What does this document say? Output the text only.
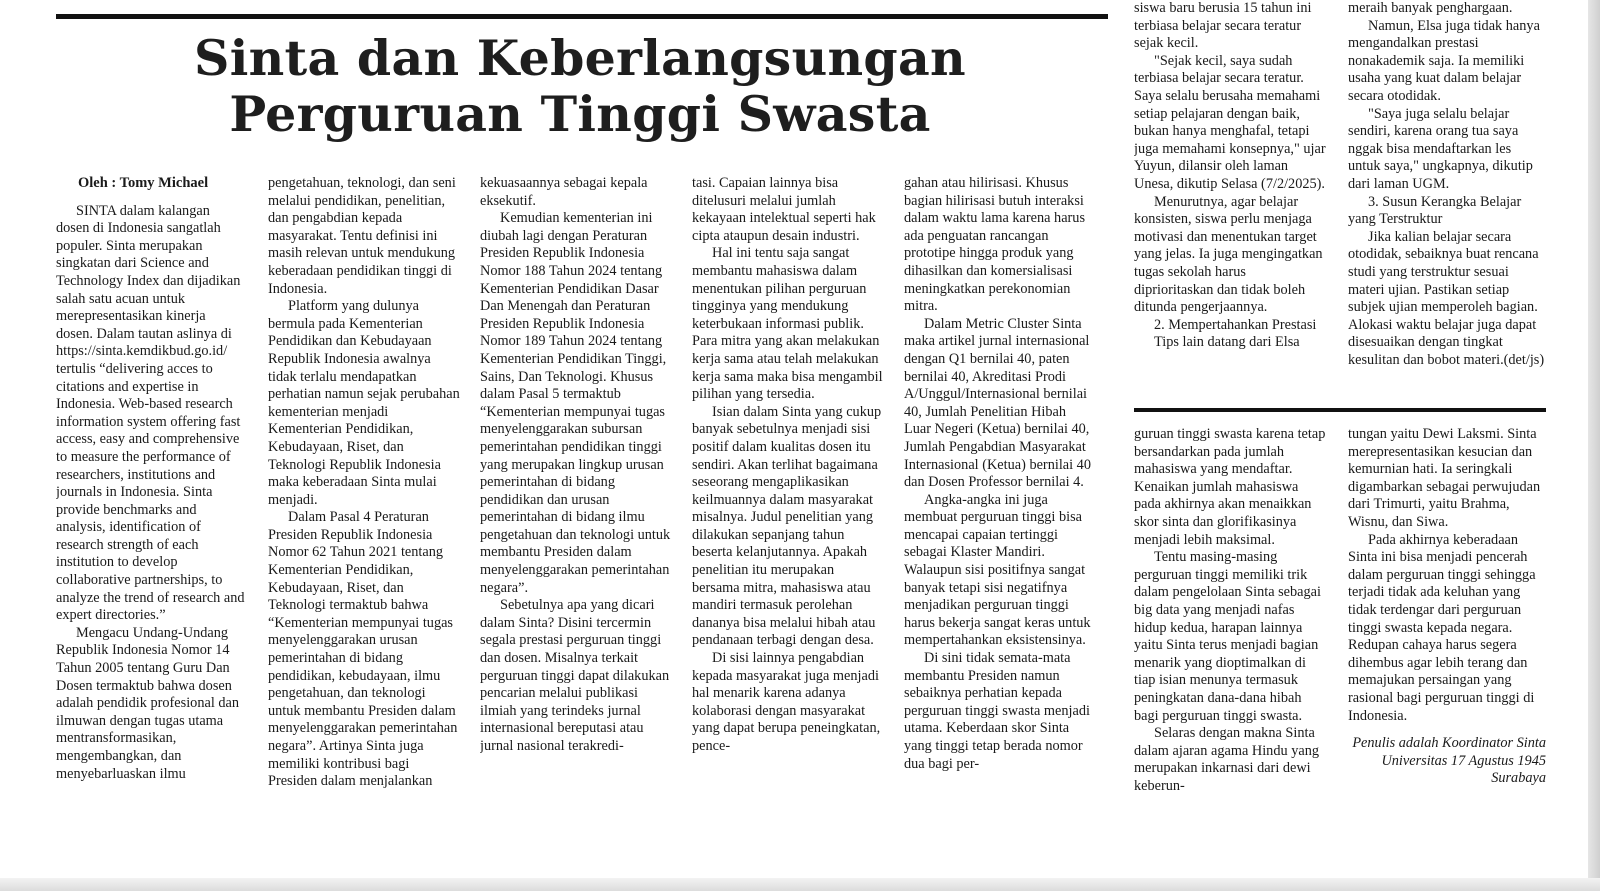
Sinta dan Keberlangsungan Perguruan Tinggi Swasta

Oleh : Tomy Michael

SINTA dalam kalangan dosen di Indonesia sangatlah populer. Sinta merupakan singkatan dari Science and Technology Index dan dijadikan salah satu acuan untuk merepresentasikan kinerja dosen. Dalam tautan aslinya di https://sinta.kemdikbud.go.id/ tertulis “delivering acces to citations and expertise in Indonesia. Web-based research information system offering fast access, easy and comprehensive to measure the performance of researchers, institutions and journals in Indonesia. Sinta provide benchmarks and analysis, identification of research strength of each institution to develop collaborative partnerships, to analyze the trend of research and expert directories.”

Mengacu Undang-Undang Republik Indonesia Nomor 14 Tahun 2005 tentang Guru Dan Dosen termaktub bahwa dosen adalah pendidik profesional dan ilmuwan dengan tugas utama mentransformasikan, mengembangkan, dan menyebarluaskan ilmu

pengetahuan, teknologi, dan seni melalui pendidikan, penelitian, dan pengabdian kepada masyarakat. Tentu definisi ini masih relevan untuk mendukung keberadaan pendidikan tinggi di Indonesia.

Platform yang dulunya bermula pada Kementerian Pendidikan dan Kebudayaan Republik Indonesia awalnya tidak terlalu mendapatkan perhatian namun sejak perubahan kementerian menjadi Kementerian Pendidikan, Kebudayaan, Riset, dan Teknologi Republik Indonesia maka keberadaan Sinta mulai menjadi.

Dalam Pasal 4 Peraturan Presiden Republik Indonesia Nomor 62 Tahun 2021 tentang Kementerian Pendidikan, Kebudayaan, Riset, dan Teknologi termaktub bahwa “Kementerian mempunyai tugas menyelenggarakan urusan pemerintahan di bidang pendidikan, kebudayaan, ilmu pengetahuan, dan teknologi untuk membantu Presiden dalam menyelenggarakan pemerintahan negara”. Artinya Sinta juga memiliki kontribusi bagi Presiden dalam menjalankan

kekuasaannya sebagai kepala eksekutif.

Kemudian kementerian ini diubah lagi dengan Peraturan Presiden Republik Indonesia Nomor 188 Tahun 2024 tentang Kementerian Pendidikan Dasar Dan Menengah dan Peraturan Presiden Republik Indonesia Nomor 189 Tahun 2024 tentang Kementerian Pendidikan Tinggi, Sains, Dan Teknologi. Khusus dalam Pasal 5 termaktub “Kementerian mempunyai tugas menyelenggarakan subursan pemerintahan pendidikan tinggi yang merupakan lingkup urusan pemerintahan di bidang pendidikan dan urusan pemerintahan di bidang ilmu pengetahuan dan teknologi untuk membantu Presiden dalam menyelenggarakan pemerintahan negara”.

Sebetulnya apa yang dicari dalam Sinta? Disini tercermin segala prestasi perguruan tinggi dan dosen. Misalnya terkait perguruan tinggi dapat dilakukan pencarian melalui publikasi ilmiah yang terindeks jurnal internasional bereputasi atau jurnal nasional terakredi-

tasi. Capaian lainnya bisa ditelusuri melalui jumlah kekayaan intelektual seperti hak cipta ataupun desain industri.

Hal ini tentu saja sangat membantu mahasiswa dalam menentukan pilihan perguruan tingginya yang mendukung keterbukaan informasi publik. Para mitra yang akan melakukan kerja sama atau telah melakukan kerja sama maka bisa mengambil pilihan yang tersedia.

Isian dalam Sinta yang cukup banyak sebetulnya menjadi sisi positif dalam kualitas dosen itu sendiri. Akan terlihat bagaimana seseorang mengaplikasikan keilmuannya dalam masyarakat misalnya. Judul penelitian yang dilakukan sepanjang tahun beserta kelanjutannya. Apakah penelitian itu merupakan bersama mitra, mahasiswa atau mandiri termasuk perolehan dananya bisa melalui hibah atau pendanaan terbagi dengan desa.

Di sisi lainnya pengabdian kepada masyarakat juga menjadi hal menarik karena adanya kolaborasi dengan masyarakat yang dapat berupa peneingkatan, pence-

gahan atau hilirisasi. Khusus bagian hilirisasi butuh interaksi dalam waktu lama karena harus ada penguatan rancangan prototipe hingga produk yang dihasilkan dan komersialisasi meningkatkan perekonomian mitra.

Dalam Metric Cluster Sinta maka artikel jurnal internasional dengan Q1 bernilai 40, paten bernilai 40, Akreditasi Prodi A/Unggul/Internasional bernilai 40, Jumlah Penelitian Hibah Luar Negeri (Ketua) bernilai 40, Jumlah Pengabdian Masyarakat Internasional (Ketua) bernilai 40 dan Dosen Professor bernilai 4.

Angka-angka ini juga membuat perguruan tinggi bisa mencapai capaian tertinggi sebagai Klaster Mandiri. Walaupun sisi positifnya sangat banyak tetapi sisi negatifnya menjadikan perguruan tinggi harus bekerja sangat keras untuk mempertahankan eksistensinya.

Di sini tidak semata-mata membantu Presiden namun sebaiknya perhatian kepada perguruan tinggi swasta menjadi utama. Keberdaan skor Sinta yang tinggi tetap berada nomor dua bagi per-

siswa baru berusia 15 tahun ini terbiasa belajar secara teratur sejak kecil.

"Sejak kecil, saya sudah terbiasa belajar secara teratur. Saya selalu berusaha memahami setiap pelajaran dengan baik, bukan hanya menghafal, tetapi juga memahami konsepnya," ujar Yuyun, dilansir oleh laman Unesa, dikutip Selasa (7/2/2025).

Menurutnya, agar belajar konsisten, siswa perlu menjaga motivasi dan menentukan target yang jelas. Ia juga mengingatkan tugas sekolah harus diprioritaskan dan tidak boleh ditunda pengerjaannya.

2. Mempertahankan Prestasi

Tips lain datang dari Elsa

meraih banyak penghargaan.

Namun, Elsa juga tidak hanya mengandalkan prestasi nonakademik saja. Ia memiliki usaha yang kuat dalam belajar secara otodidak.

"Saya juga selalu belajar sendiri, karena orang tua saya nggak bisa mendaftarkan les untuk saya," ungkapnya, dikutip dari laman UGM.

3. Susun Kerangka Belajar yang Terstruktur

Jika kalian belajar secara otodidak, sebaiknya buat rencana studi yang terstruktur sesuai materi ujian. Pastikan setiap subjek ujian memperoleh bagian. Alokasi waktu belajar juga dapat disesuaikan dengan tingkat kesulitan dan bobot materi.(det/js)

guruan tinggi swasta karena tetap bersandarkan pada jumlah mahasiswa yang mendaftar. Kenaikan jumlah mahasiswa pada akhirnya akan menaikkan skor sinta dan glorifikasinya menjadi lebih maksimal.

Tentu masing-masing perguruan tinggi memiliki trik dalam pengelolaan Sinta sebagai big data yang menjadi nafas hidup kedua, harapan lainnya yaitu Sinta terus menjadi bagian menarik yang dioptimalkan di tiap isian menunya termasuk peningkatan dana-dana hibah bagi perguruan tinggi swasta.

Selaras dengan makna Sinta dalam ajaran agama Hindu yang merupakan inkarnasi dari dewi keberun-

tungan yaitu Dewi Laksmi. Sinta merepresentasikan kesucian dan kemurnian hati. Ia seringkali digambarkan sebagai perwujudan dari Trimurti, yaitu Brahma, Wisnu, dan Siwa.

Pada akhirnya keberadaan Sinta ini bisa menjadi pencerah dalam perguruan tinggi sehingga terjadi tidak ada keluhan yang tidak terdengar dari perguruan tinggi swasta kepada negara. Redupan cahaya harus segera dihembus agar lebih terang dan memajukan persaingan yang rasional bagi perguruan tinggi di Indonesia.

Penulis adalah Koordinator Sinta Universitas 17 Agustus 1945 Surabaya
